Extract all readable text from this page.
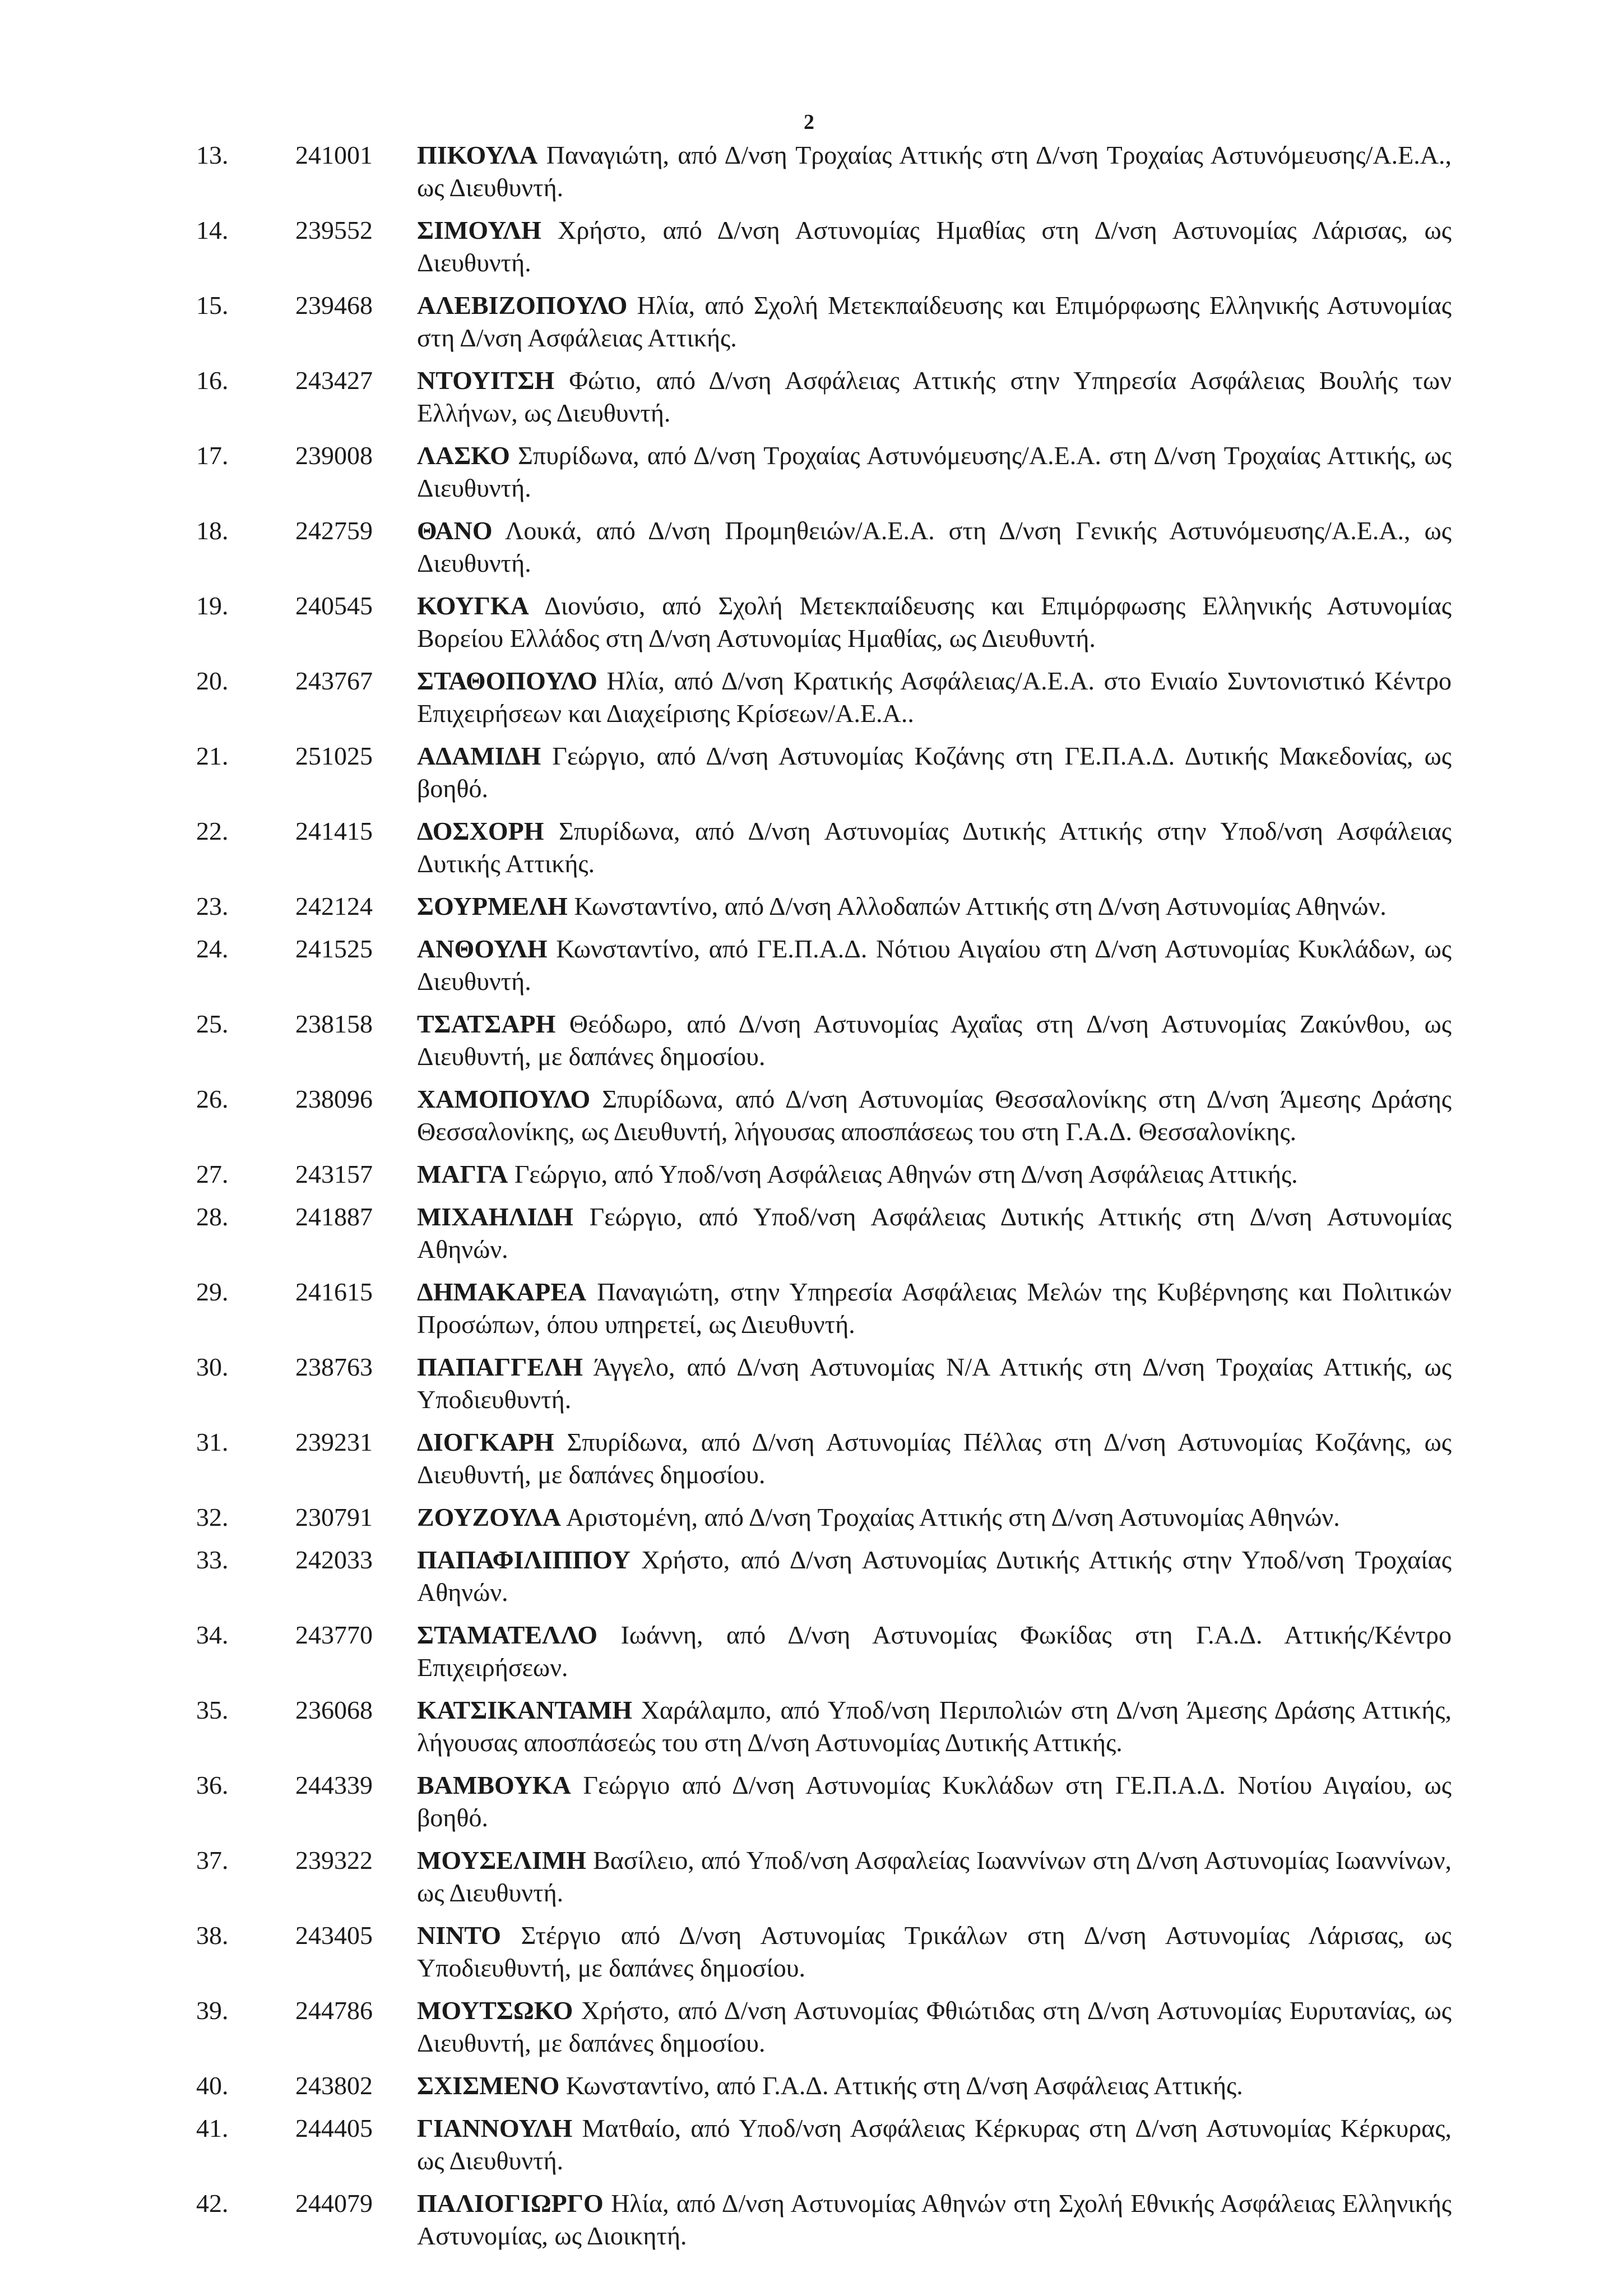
2
13.	241001 ΠΙΚΟΥΛΑ Παναγιώτη, από Δ/νση Τροχαίας Αττικής στη Δ/νση Τροχαίας Αστυνόμευσης/Α.Ε.Α., ως Διευθυντή.
14.	239552 ΣΙΜΟΥΛΗ Χρήστο, από Δ/νση Αστυνομίας Ημαθίας στη Δ/νση Αστυνομίας Λάρισας, ως Διευθυντή.
15.	239468 ΑΛΕΒΙΖΟΠΟΥΛΟ Ηλία, από Σχολή Μετεκπαίδευσης και Επιμόρφωσης Ελληνικής Αστυνομίας στη Δ/νση Ασφάλειας Αττικής.
16.	243427 ΝΤΟΥΙΤΣΗ Φώτιο, από Δ/νση Ασφάλειας Αττικής στην Υπηρεσία Ασφάλειας Βουλής των Ελλήνων, ως Διευθυντή.
17.	239008 ΛΑΣΚΟ Σπυρίδωνα, από Δ/νση Τροχαίας Αστυνόμευσης/Α.Ε.Α. στη Δ/νση Τροχαίας Αττικής, ως Διευθυντή.
18.	242759 ΘΑΝΟ Λουκά, από Δ/νση Προμηθειών/Α.Ε.Α. στη Δ/νση Γενικής Αστυνόμευσης/Α.Ε.Α., ως Διευθυντή.
19.	240545 ΚΟΥΓΚΑ Διονύσιο, από Σχολή Μετεκπαίδευσης και Επιμόρφωσης Ελληνικής Αστυνομίας Βορείου Ελλάδος στη Δ/νση Αστυνομίας Ημαθίας, ως Διευθυντή.
20.	243767 ΣΤΑΘΟΠΟΥΛΟ Ηλία, από Δ/νση Κρατικής Ασφάλειας/Α.Ε.Α. στο Ενιαίο Συντονιστικό Κέντρο Επιχειρήσεων και Διαχείρισης Κρίσεων/Α.Ε.Α..
21.	251025 ΑΔΑΜΙΔΗ Γεώργιο, από Δ/νση Αστυνομίας Κοζάνης στη ΓΕ.Π.Α.Δ. Δυτικής Μακεδονίας, ως βοηθό.
22.	241415 ΔΟΣΧΟΡΗ Σπυρίδωνα, από Δ/νση Αστυνομίας Δυτικής Αττικής στην Υποδ/νση Ασφάλειας Δυτικής Αττικής.
23.	242124 ΣΟΥΡΜΕΛΗ Κωνσταντίνο, από Δ/νση Αλλοδαπών Αττικής στη Δ/νση Αστυνομίας Αθηνών.
24.	241525 ΑΝΘΟΥΛΗ Κωνσταντίνο, από ΓΕ.Π.Α.Δ. Νότιου Αιγαίου στη Δ/νση Αστυνομίας Κυκλάδων, ως Διευθυντή.
25.	238158 ΤΣΑΤΣΑΡΗ Θεόδωρο, από Δ/νση Αστυνομίας Αχαΐας στη Δ/νση Αστυνομίας Ζακύνθου, ως Διευθυντή, με δαπάνες δημοσίου.
26.	238096 ΧΑΜΟΠΟΥΛΟ Σπυρίδωνα, από Δ/νση Αστυνομίας Θεσσαλονίκης στη Δ/νση Άμεσης Δράσης Θεσσαλονίκης, ως Διευθυντή, λήγουσας αποσπάσεως του στη Γ.Α.Δ. Θεσσαλονίκης.
27.	243157 ΜΑΓΓΑ Γεώργιο, από Υποδ/νση Ασφάλειας Αθηνών στη Δ/νση Ασφάλειας Αττικής.
28.	241887 ΜΙΧΑΗΛΙΔΗ Γεώργιο, από Υποδ/νση Ασφάλειας Δυτικής Αττικής στη Δ/νση Αστυνομίας Αθηνών.
29.	241615 ΔΗΜΑΚΑΡΕΑ Παναγιώτη, στην Υπηρεσία Ασφάλειας Μελών της Κυβέρνησης και Πολιτικών Προσώπων, όπου υπηρετεί, ως Διευθυντή.
30.	238763 ΠΑΠΑΓΓΕΛΗ Άγγελο, από Δ/νση Αστυνομίας Ν/Α Αττικής στη Δ/νση Τροχαίας Αττικής, ως Υποδιευθυντή.
31.	239231 ΔΙΟΓΚΑΡΗ Σπυρίδωνα, από Δ/νση Αστυνομίας Πέλλας στη Δ/νση Αστυνομίας Κοζάνης, ως Διευθυντή, με δαπάνες δημοσίου.
32.	230791 ΖΟΥΖΟΥΛΑ Αριστομένη, από Δ/νση Τροχαίας Αττικής στη Δ/νση Αστυνομίας Αθηνών.
33.	242033 ΠΑΠΑΦΙΛΙΠΠΟΥ Χρήστο, από Δ/νση Αστυνομίας Δυτικής Αττικής στην Υποδ/νση Τροχαίας Αθηνών.
34.	243770 ΣΤΑΜΑΤΕΛΛΟ Ιωάννη, από Δ/νση Αστυνομίας Φωκίδας στη Γ.Α.Δ. Αττικής/Κέντρο Επιχειρήσεων.
35.	236068 ΚΑΤΣΙΚΑΝΤΑΜΗ Χαράλαμπο, από Υποδ/νση Περιπολιών στη Δ/νση Άμεσης Δράσης Αττικής, λήγουσας αποσπάσεώς του στη Δ/νση Αστυνομίας Δυτικής Αττικής.
36.	244339 ΒΑΜΒΟΥΚΑ Γεώργιο από Δ/νση Αστυνομίας Κυκλάδων στη ΓΕ.Π.Α.Δ. Νοτίου Αιγαίου, ως βοηθό.
37.	239322 ΜΟΥΣΕΛΙΜΗ Βασίλειο, από Υποδ/νση Ασφαλείας Ιωαννίνων στη Δ/νση Αστυνομίας Ιωαννίνων, ως Διευθυντή.
38.	243405 ΝΙΝΤΟ Στέργιο από Δ/νση Αστυνομίας Τρικάλων στη Δ/νση Αστυνομίας Λάρισας, ως Υποδιευθυντή, με δαπάνες δημοσίου.
39.	244786 ΜΟΥΤΣΩΚΟ Χρήστο, από Δ/νση Αστυνομίας Φθιώτιδας στη Δ/νση Αστυνομίας Ευρυτανίας, ως Διευθυντή, με δαπάνες δημοσίου.
40.	243802 ΣΧΙΣΜΕΝΟ Κωνσταντίνο, από Γ.Α.Δ. Αττικής στη Δ/νση Ασφάλειας Αττικής.
41.	244405 ΓΙΑΝΝΟΥΛΗ Ματθαίο, από Υποδ/νση Ασφάλειας Κέρκυρας στη Δ/νση Αστυνομίας Κέρκυρας, ως Διευθυντή.
42.	244079 ΠΑΛΙΟΓΙΩΡΓΟ Ηλία, από Δ/νση Αστυνομίας Αθηνών στη Σχολή Εθνικής Ασφάλειας Ελληνικής Αστυνομίας, ως Διοικητή.
